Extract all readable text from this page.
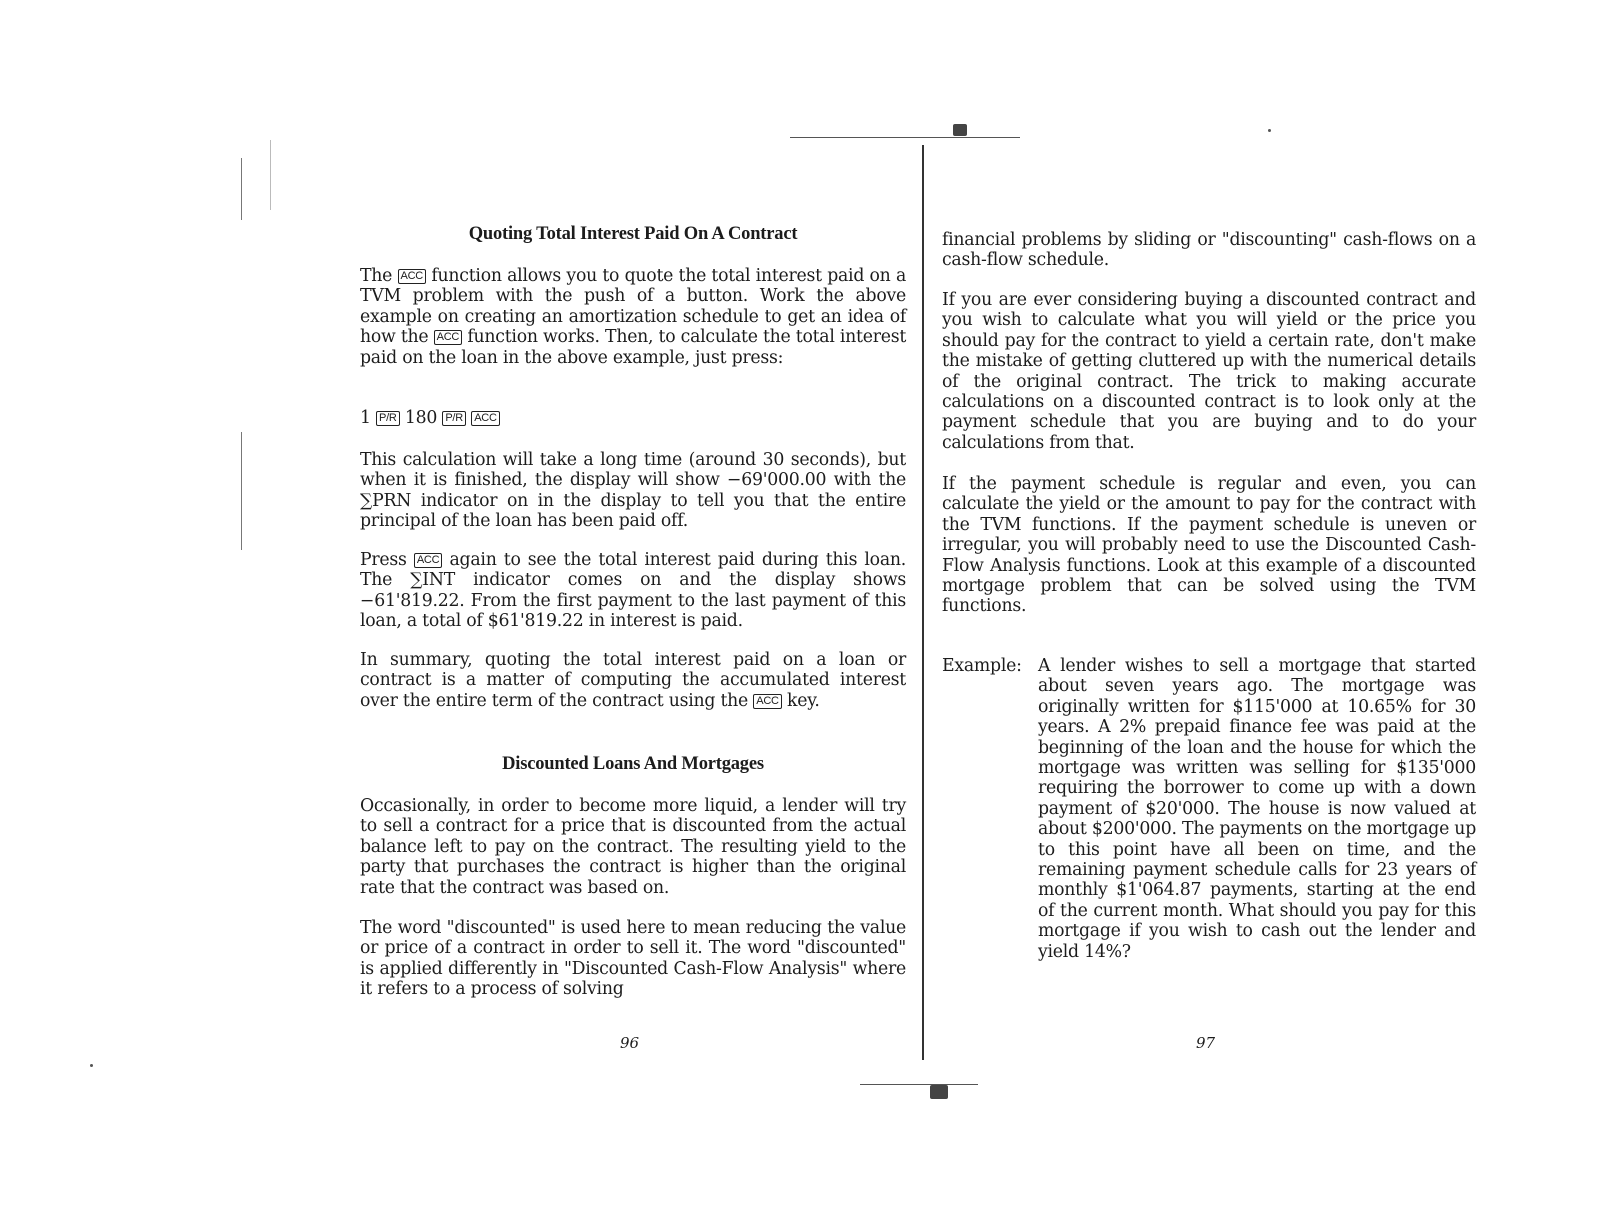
Quoting Total Interest Paid On A Contract

The ACC function allows you to quote the total interest paid on a TVM problem with the push of a button. Work the above example on creating an amortization schedule to get an idea of how the ACC function works. Then, to calculate the total interest paid on the loan in the above example, just press:

1 P/R 180 P/R ACC

This calculation will take a long time (around 30 seconds), but when it is finished, the display will show −69'000.00 with the ∑PRN indicator on in the display to tell you that the entire principal of the loan has been paid off.

Press ACC again to see the total interest paid during this loan. The ∑INT indicator comes on and the display shows −61'819.22. From the first payment to the last payment of this loan, a total of $61'819.22 in interest is paid.

In summary, quoting the total interest paid on a loan or contract is a matter of computing the accumulated interest over the entire term of the contract using the ACC key.

Discounted Loans And Mortgages

Occasionally, in order to become more liquid, a lender will try to sell a contract for a price that is discounted from the actual balance left to pay on the contract. The resulting yield to the party that purchases the contract is higher than the original rate that the contract was based on.

The word "discounted" is used here to mean reducing the value or price of a contract in order to sell it. The word "discounted" is applied differently in "Discounted Cash-Flow Analysis" where it refers to a process of solving

96

financial problems by sliding or "discounting" cash-flows on a cash-flow schedule.

If you are ever considering buying a discounted contract and you wish to calculate what you will yield or the price you should pay for the contract to yield a certain rate, don't make the mistake of getting cluttered up with the numerical details of the original contract. The trick to making accurate calculations on a discounted contract is to look only at the payment schedule that you are buying and to do your calculations from that.

If the payment schedule is regular and even, you can calculate the yield or the amount to pay for the contract with the TVM functions. If the payment schedule is uneven or irregular, you will probably need to use the Discounted Cash-Flow Analysis functions. Look at this example of a discounted mortgage problem that can be solved using the TVM functions.

Example: A lender wishes to sell a mortgage that started about seven years ago. The mortgage was originally written for $115'000 at 10.65% for 30 years. A 2% prepaid finance fee was paid at the beginning of the loan and the house for which the mortgage was written was selling for $135'000 requiring the borrower to come up with a down payment of $20'000. The house is now valued at about $200'000. The payments on the mortgage up to this point have all been on time, and the remaining payment schedule calls for 23 years of monthly $1'064.87 payments, starting at the end of the current month. What should you pay for this mortgage if you wish to cash out the lender and yield 14%?

97
